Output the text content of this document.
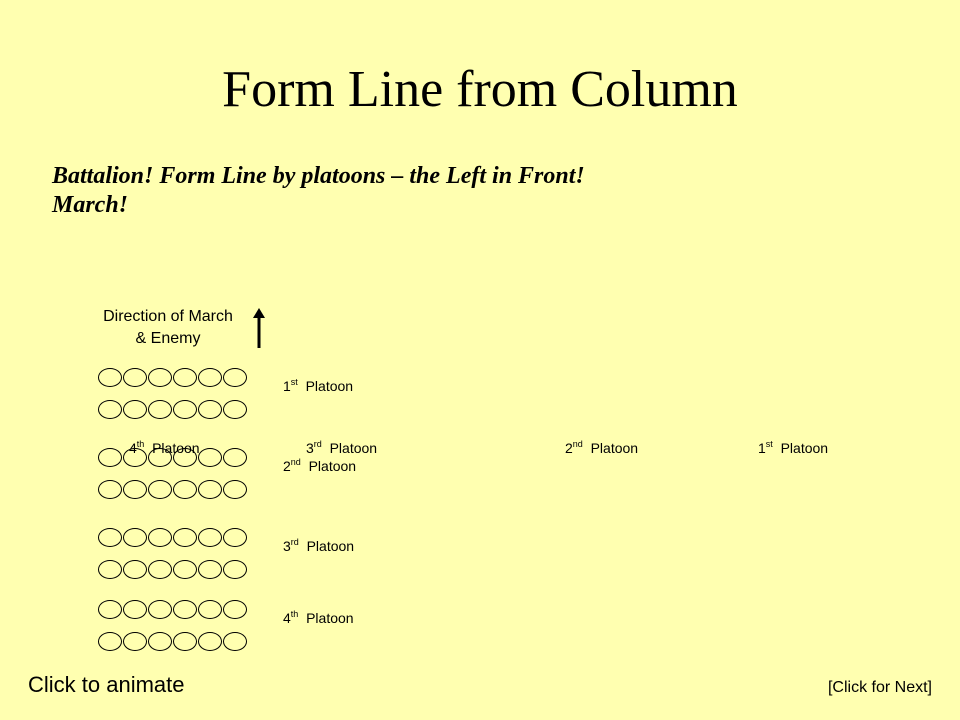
Form Line from Column
Battalion! Form Line by platoons – the Left in Front!
March!
Direction of March
& Enemy
1st Platoon
2nd Platoon
3rd Platoon
4th Platoon
4th Platoon	3rd Platoon	2nd Platoon	1st Platoon
Click to animate	[Click for Next]
